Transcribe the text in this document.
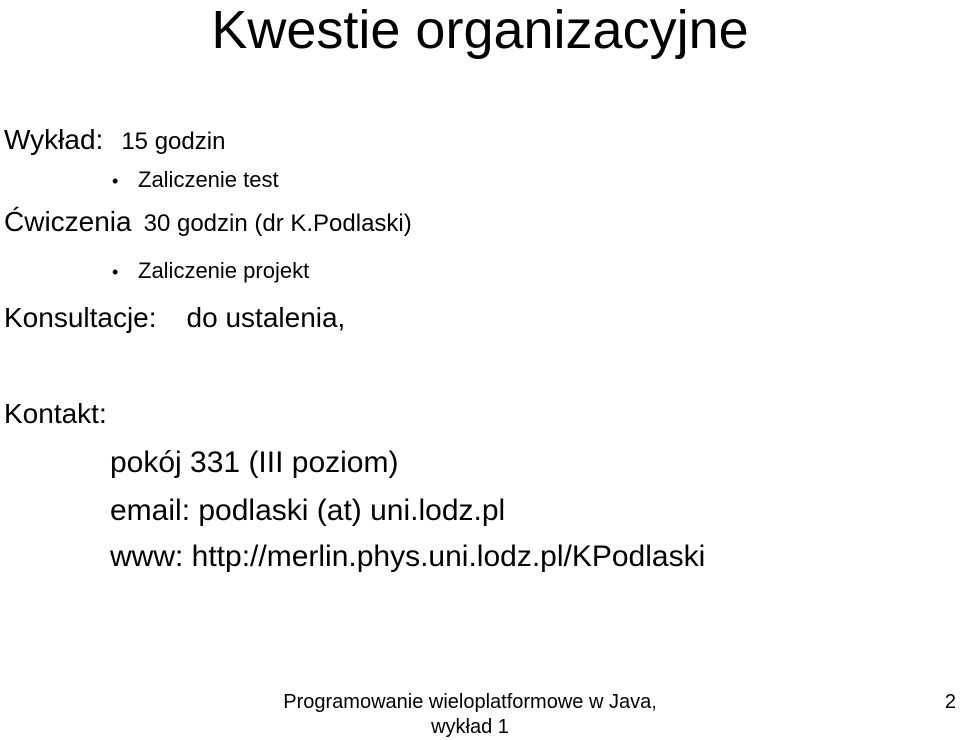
Kwestie organizacyjne
Wykład: 15 godzin
• Zaliczenie test
Ćwiczenia 30 godzin (dr K.Podlaski)
• Zaliczenie projekt
Konsultacje: do ustalenia,
Kontakt:
pokój 331 (III poziom)
email: podlaski (at) uni.lodz.pl
www: http://merlin.phys.uni.lodz.pl/KPodlaski
Programowanie wieloplatformowe w Java,
wykład 1
2
